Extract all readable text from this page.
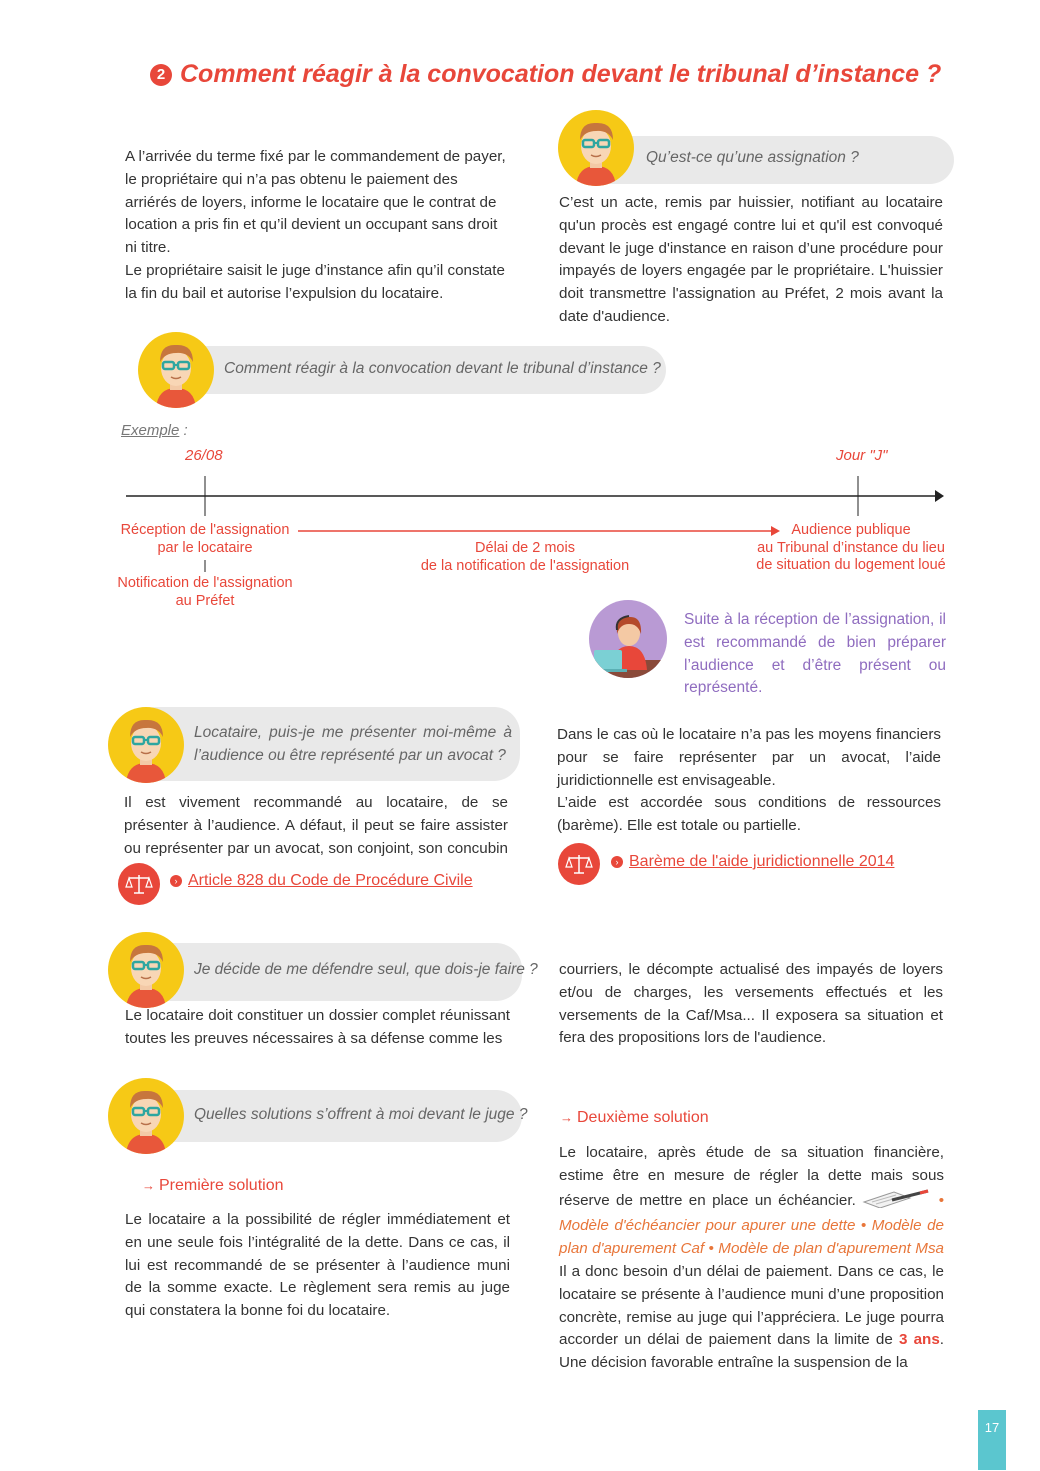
2 Comment réagir à la convocation devant le tribunal d’instance ?
A l’arrivée du terme fixé par le commandement de payer, le propriétaire qui n’a pas obtenu le paiement des arriérés de loyers, informe le locataire que le contrat de location a pris fin et qu’il devient un occupant sans droit ni titre.
Le propriétaire saisit le juge d’instance afin qu’il constate la fin du bail et autorise l’expulsion du locataire.
Qu’est-ce qu’une assignation ?
C’est un acte, remis par huissier, notifiant au locataire qu'un procès est engagé contre lui et qu'il est convoqué devant le juge d'instance en raison d’une procédure pour impayés de loyers engagée par le propriétaire. L'huissier doit transmettre l'assignation au Préfet, 2 mois avant la date d'audience.
Comment réagir à la convocation devant le tribunal d’instance ?
Exemple :
26/08	Jour "J"
Réception de l'assignation
par le locataire
Notification de l'assignation
au Préfet
Délai de 2 mois
de la notification de l'assignation
Audience publique
au Tribunal d’instance du lieu
de situation du logement loué
Suite à la réception de l’assignation, il est recommandé de bien préparer l’audience et d’être présent ou représenté.
Locataire, puis-je me présenter moi-même à l’audience ou être représenté par un avocat ?
Il est vivement recommandé au locataire, de se présenter à l’audience. A défaut, il peut se faire assister ou représenter par un avocat, son conjoint, son concubin
› Article 828 du Code de Procédure Civile
Dans le cas où le locataire n’a pas les moyens financiers pour se faire représenter par un avocat, l’aide juridictionnelle est envisageable.
L’aide est accordée sous conditions de ressources (barème). Elle est totale ou partielle.
› Barème de l'aide juridictionnelle 2014
Je décide de me défendre seul, que dois-je faire ?
Le locataire doit constituer un dossier complet réunissant toutes les preuves nécessaires à sa défense comme les
courriers, le décompte actualisé des impayés de loyers et/ou de charges, les versements effectués et les versements de la Caf/Msa... Il exposera sa situation et fera des propositions lors de l'audience.
Quelles solutions s’offrent à moi devant le juge ?
→ Première solution
Le locataire a la possibilité de régler immédiatement et en une seule fois l’intégralité de la dette. Dans ce cas, il lui est recommandé de se présenter à l’audience muni de la somme exacte. Le règlement sera remis au juge qui constatera la bonne foi du locataire.
→ Deuxième solution
Le locataire, après étude de sa situation financière, estime être en mesure de régler la dette mais sous réserve de mettre en place un échéancier.	• Modèle d'échéancier pour apurer une dette • Modèle de plan d'apurement Caf • Modèle de plan d'apurement Msa Il a donc besoin d’un délai de paiement. Dans ce cas, le locataire se présente à l’audience muni d’une proposition concrète, remise au juge qui l’appréciera. Le juge pourra accorder un délai de paiement dans la limite de 3 ans. Une décision favorable entraîne la suspension de la
17
